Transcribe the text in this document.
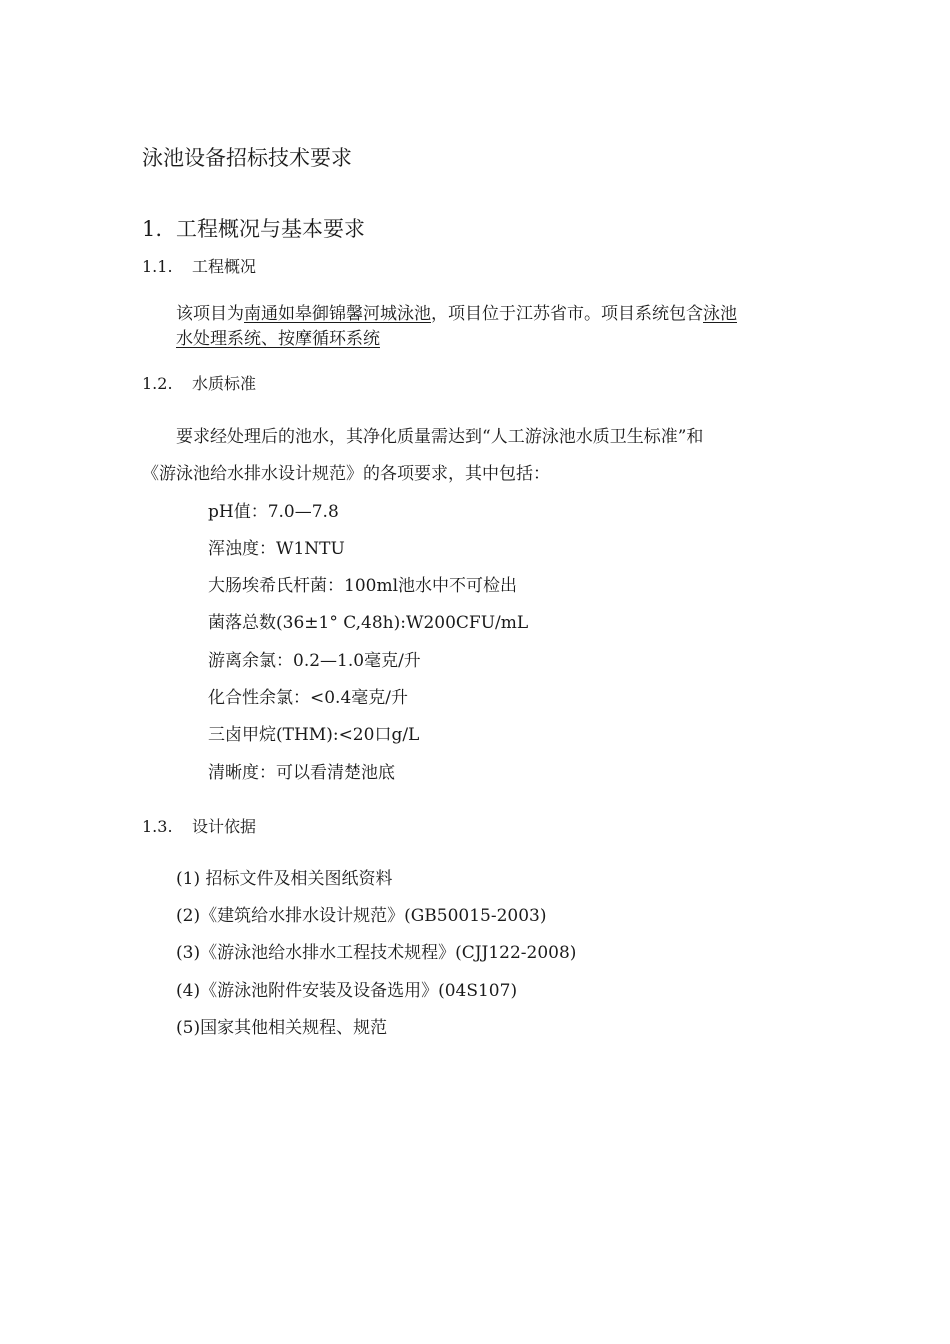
泳池设备招标技术要求
1. 工程概况与基本要求
1.1. 工程概况
该项目为南通如皋御锦馨河城泳池，项目位于江苏省市。项目系统包含泳池
水处理系统、按摩循环系统
1.2. 水质标准
要求经处理后的池水，其净化质量需达到“人工游泳池水质卫生标准”和
《游泳池给水排水设计规范》的各项要求，其中包括：
pH值：7.0—7.8
浑浊度：W1NTU
大肠埃希氏杆菌：100ml池水中不可检出
菌落总数(36±1° C,48h):W200CFU/mL
游离余氯：0.2—1.0毫克/升
化合性余氯：<0.4毫克/升
三卤甲烷(THM):<20口g/L
清晰度：可以看清楚池底
1.3. 设计依据
(1) 招标文件及相关图纸资料
(2)《建筑给水排水设计规范》(GB50015-2003)
(3)《游泳池给水排水工程技术规程》(CJJ122-2008)
(4)《游泳池附件安装及设备选用》(04S107)
(5)国家其他相关规程、规范
